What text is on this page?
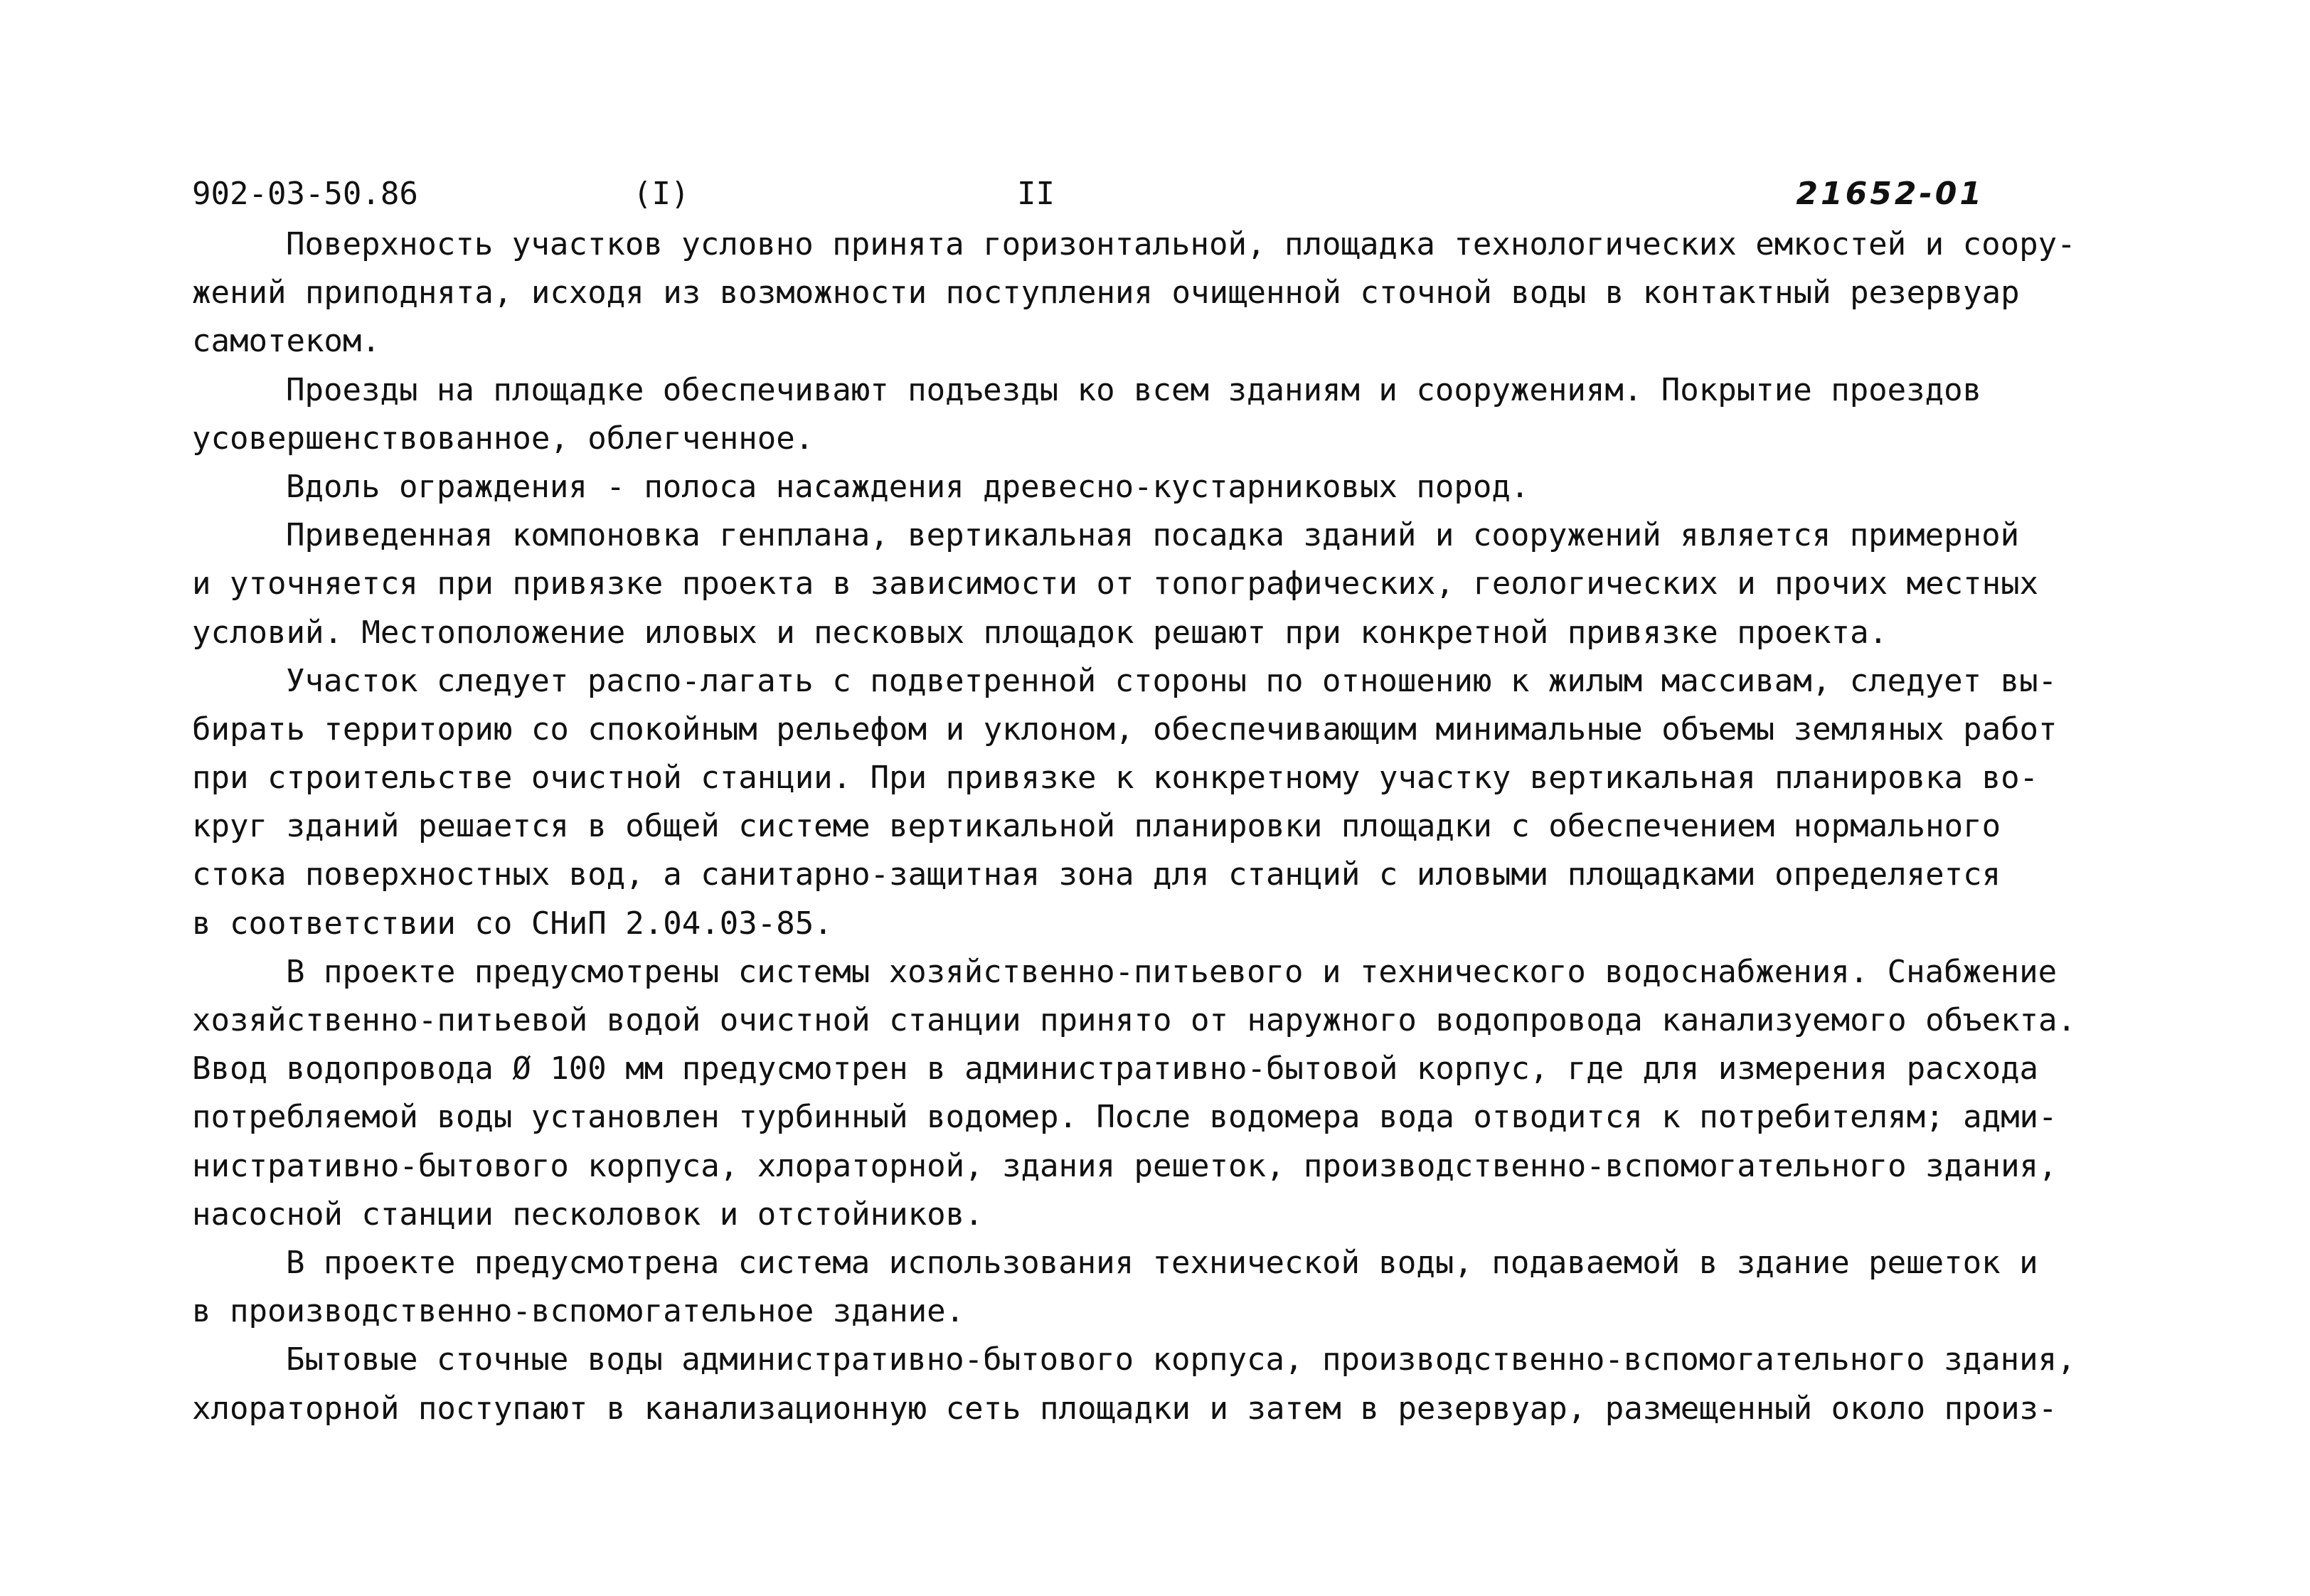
902-03-50.86	(I)	II	21652-01
Поверхность участков условно принята горизонтальной, площадка технологических емкостей и соору-
жений приподнята, исходя из возможности поступления очищенной сточной воды в контактный резервуар
самотеком.
Проезды на площадке обеспечивают подъезды ко всем зданиям и сооружениям. Покрытие проездов
усовершенствованное, облегченное.
Вдоль ограждения - полоса насаждения древесно-кустарниковых пород.
Приведенная компоновка генплана, вертикальная посадка зданий и сооружений является примерной
и уточняется при привязке проекта в зависимости от топографических, геологических и прочих местных
условий. Местоположение иловых и песковых площадок решают при конкретной привязке проекта.
Участок следует распо-лагать с подветренной стороны по отношению к жилым массивам, следует вы-
бирать территорию со спокойным рельефом и уклоном, обеспечивающим минимальные объемы земляных работ
при строительстве очистной станции. При привязке к конкретному участку вертикальная планировка во-
круг зданий решается в общей системе вертикальной планировки площадки с обеспечением нормального
стока поверхностных вод, а санитарно-защитная зона для станций с иловыми площадками определяется
в соответствии со СНиП 2.04.03-85.
В проекте предусмотрены системы хозяйственно-питьевого и технического водоснабжения. Снабжение
хозяйственно-питьевой водой очистной станции принято от наружного водопровода канализуемого объекта.
Ввод водопровода Ø 100 мм предусмотрен в административно-бытовой корпус, где для измерения расхода
потребляемой воды установлен турбинный водомер. После водомера вода отводится к потребителям; адми-
нистративно-бытового корпуса, хлораторной, здания решеток, производственно-вспомогательного здания,
насосной станции песколовок и отстойников.
В проекте предусмотрена система использования технической воды, подаваемой в здание решеток и
в производственно-вспомогательное здание.
Бытовые сточные воды административно-бытового корпуса, производственно-вспомогательного здания,
хлораторной поступают в канализационную сеть площадки и затем в резервуар, размещенный около произ-
